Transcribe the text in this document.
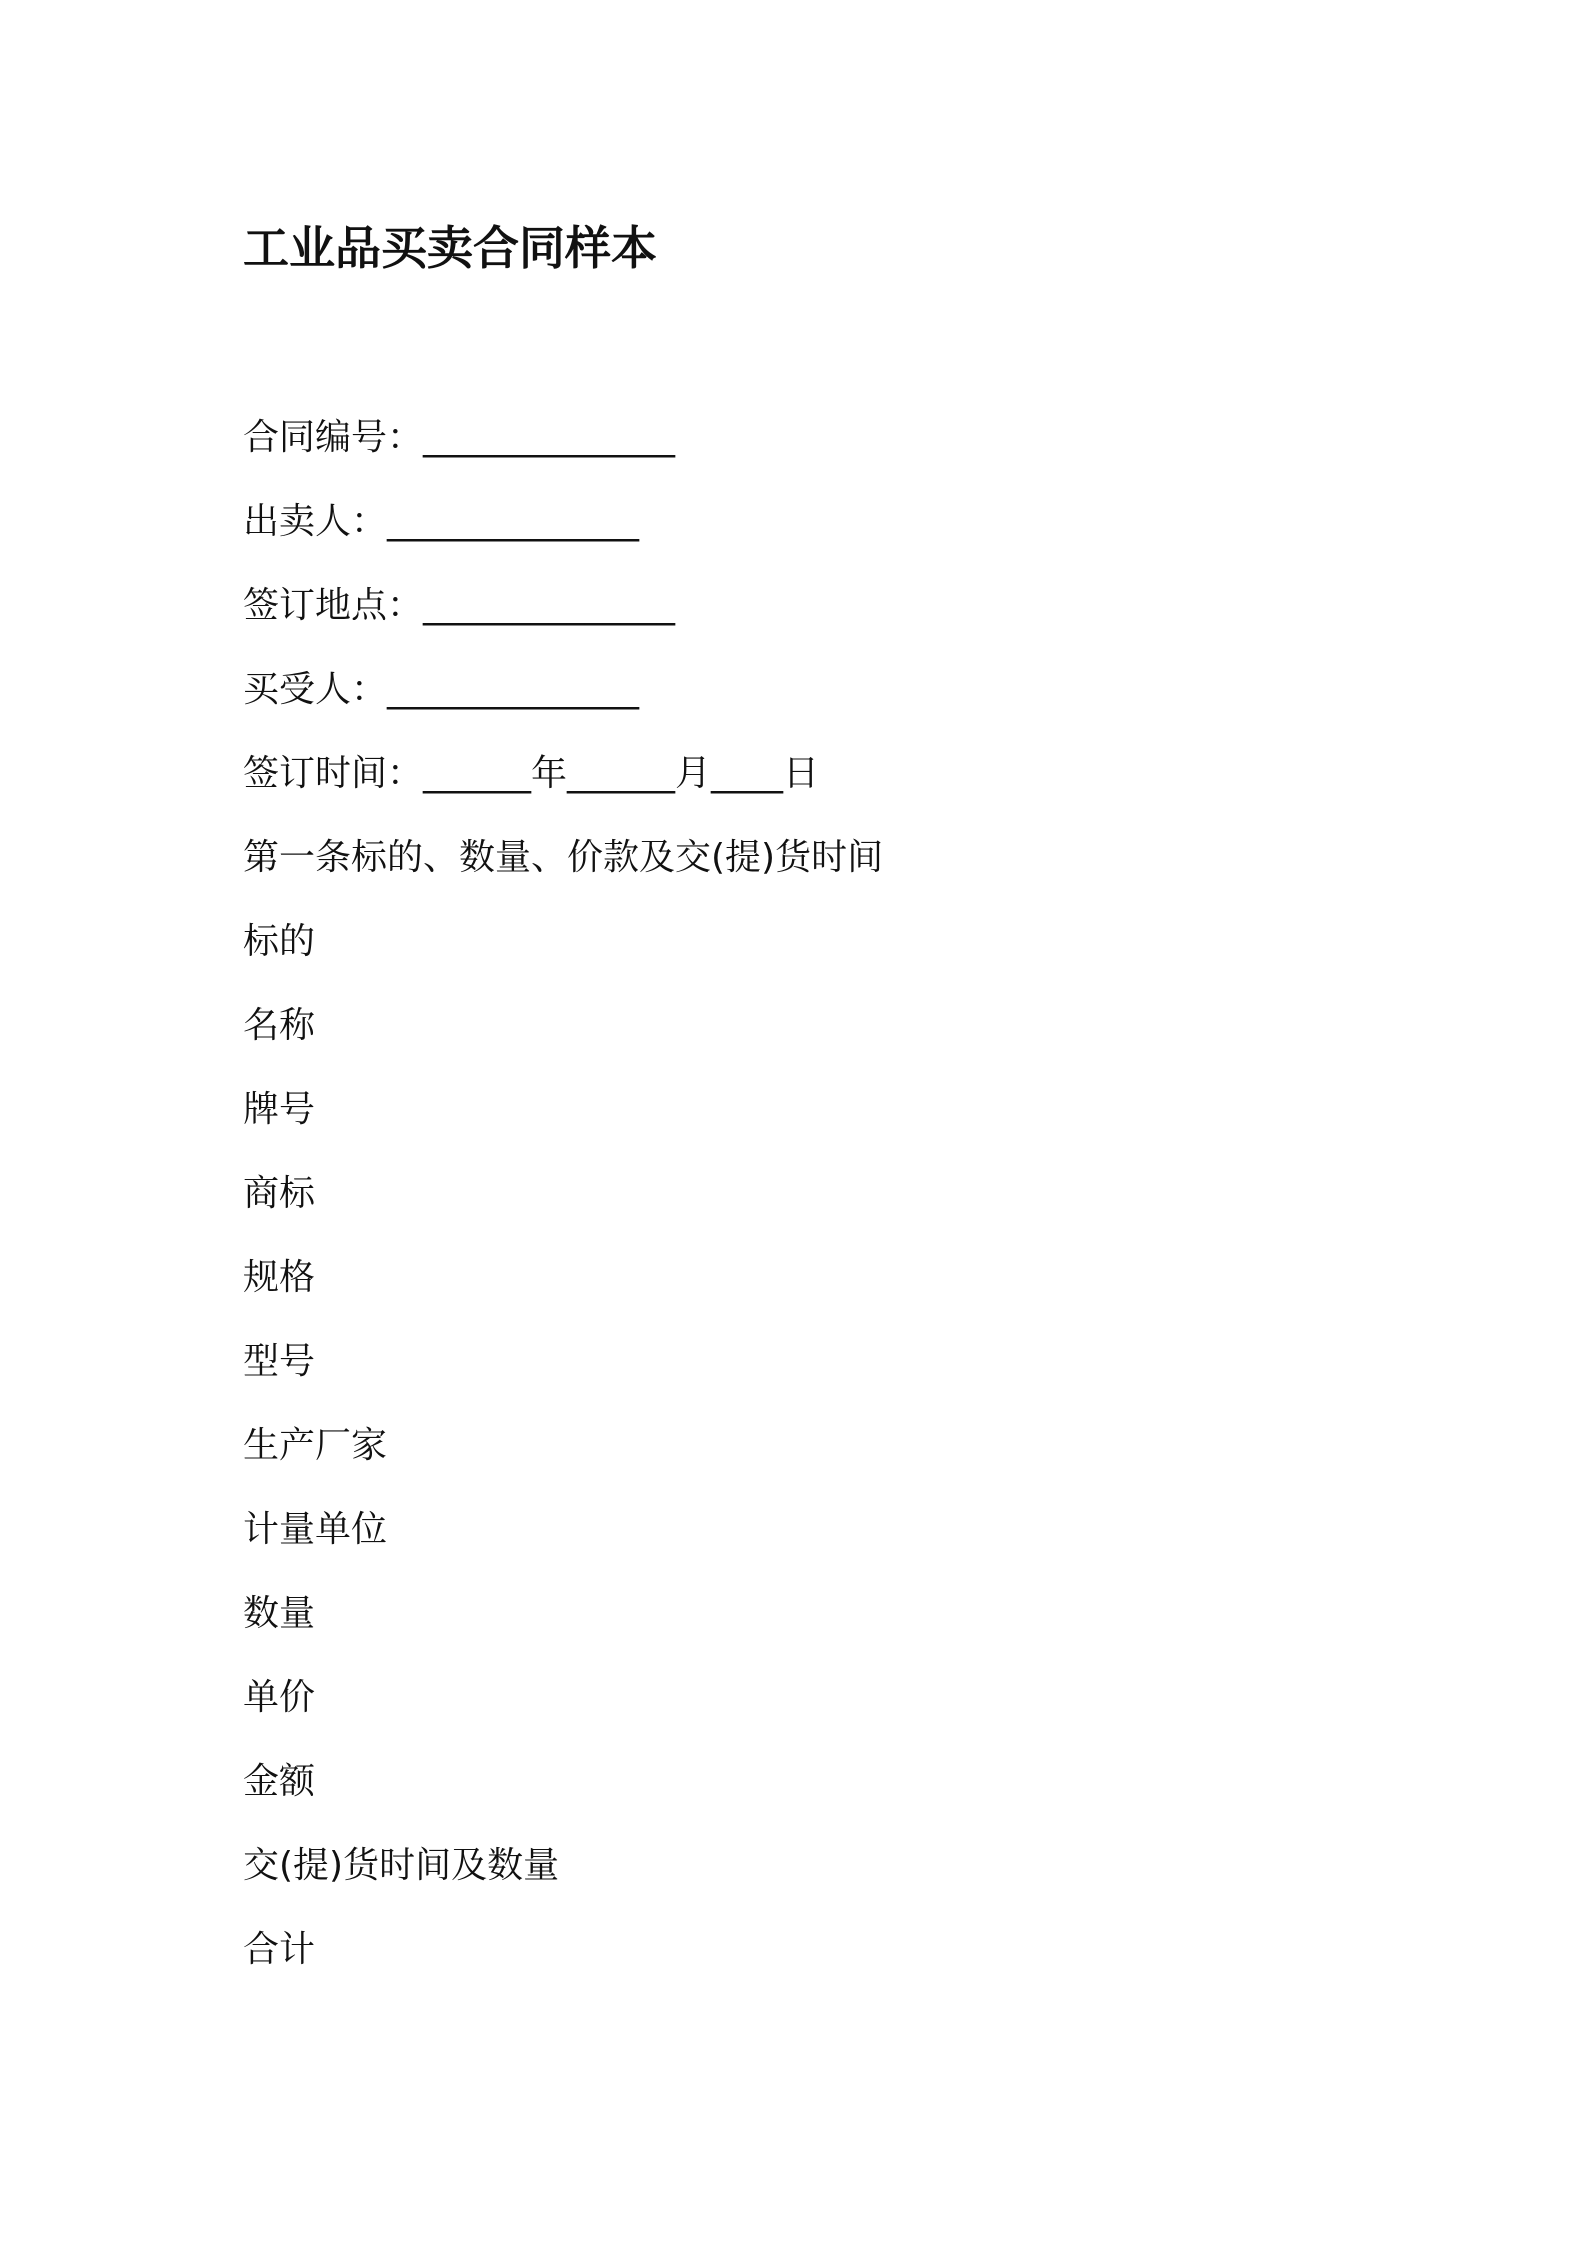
工业品买卖合同样本
合同编号：______________
出卖人：______________
签订地点：______________
买受人：______________
签订时间：______年______月____日
第一条标的、数量、价款及交(提)货时间
标的
名称
牌号
商标
规格
型号
生产厂家
计量单位
数量
单价
金额
交(提)货时间及数量
合计
